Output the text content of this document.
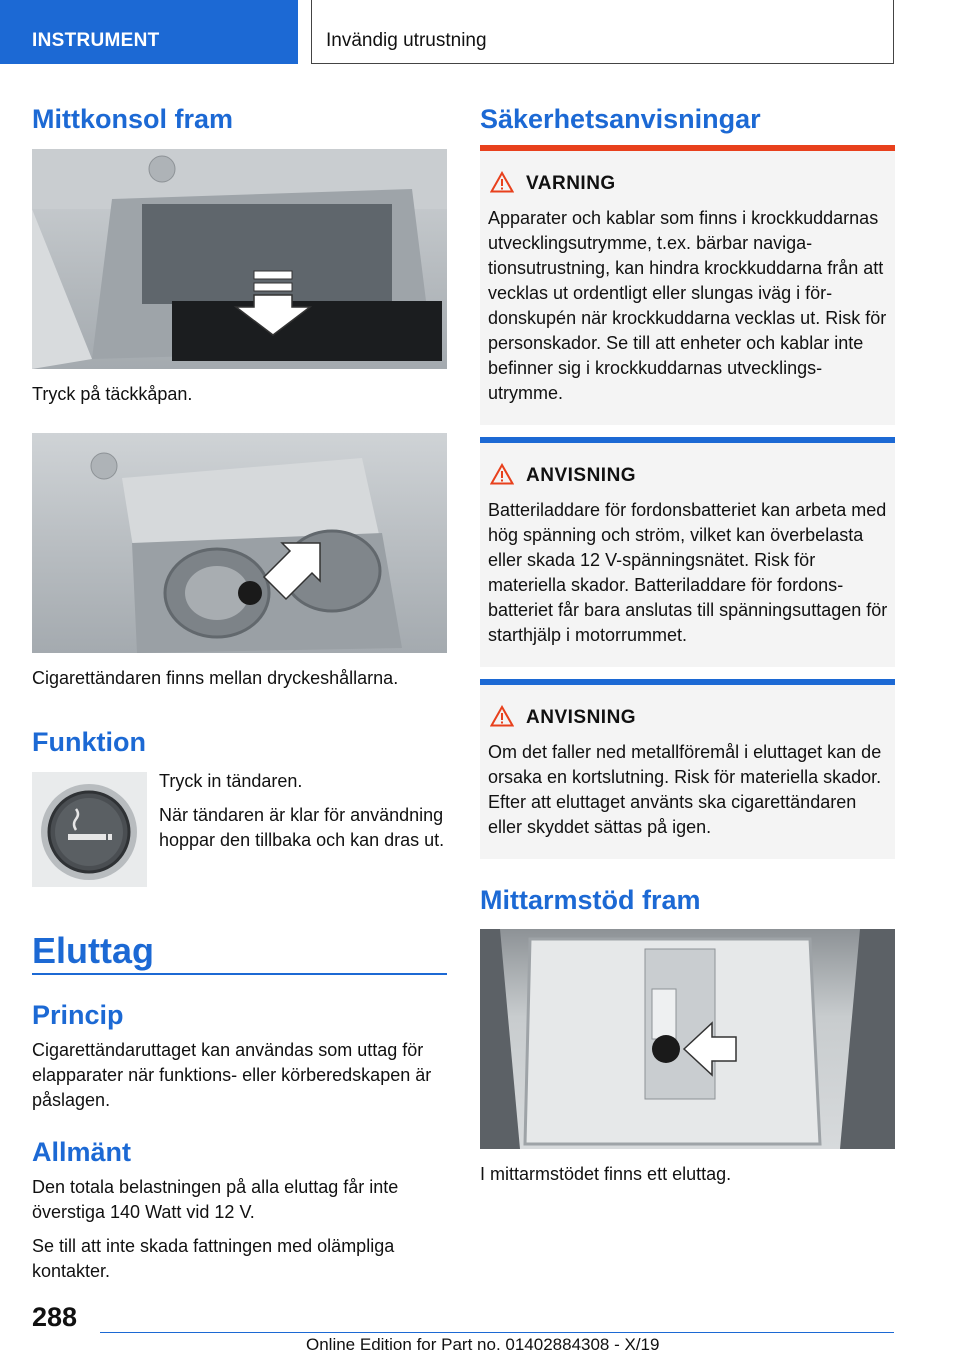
INSTRUMENT	Invändig utrustning
Mittkonsol fram

Tryck på täckkåpan.

Cigarettändaren finns mellan dryckeshållarna.

Funktion

Tryck in tändaren.

När tändaren är klar för användning hoppar den tillbaka och kan dras ut.

Eluttag
Princip

Cigarettändaruttaget kan användas som uttag för elapparater när funktions- eller körberedskapen är påslagen.

Allmänt

Den totala belastningen på alla eluttag får inte överstiga 140 Watt vid 12 V.

Se till att inte skada fattningen med olämpliga kontakter.

Säkerhetsanvisningar
VARNING

Apparater och kablar som finns i krockkuddarnas utvecklingsutrymme, t.ex. bärbar navigationsutrustning, kan hindra krockkuddarna från att vecklas ut ordentligt eller slungas iväg i fördonskupén när krockkuddarna vecklas ut. Risk för personskador. Se till att enheter och kablar inte befinner sig i krockkuddarnas utvecklingsutrymme.

ANVISNING

Batteriladdare för fordonsbatteriet kan arbeta med hög spänning och ström, vilket kan överbelasta eller skada 12 V-spänningsnätet. Risk för materiella skador. Batteriladdare för fordonsbatteriet får bara anslutas till spänningsuttagen för starthjälp i motorrummet.

ANVISNING

Om det faller ned metallföremål i eluttaget kan de orsaka en kortslutning. Risk för materiella skador. Efter att eluttaget använts ska cigarettändaren eller skyddet sättas på igen.

Mittarmstöd fram

I mittarmstödet finns ett eluttag.

288
Online Edition for Part no. 01402884308 - X/19
